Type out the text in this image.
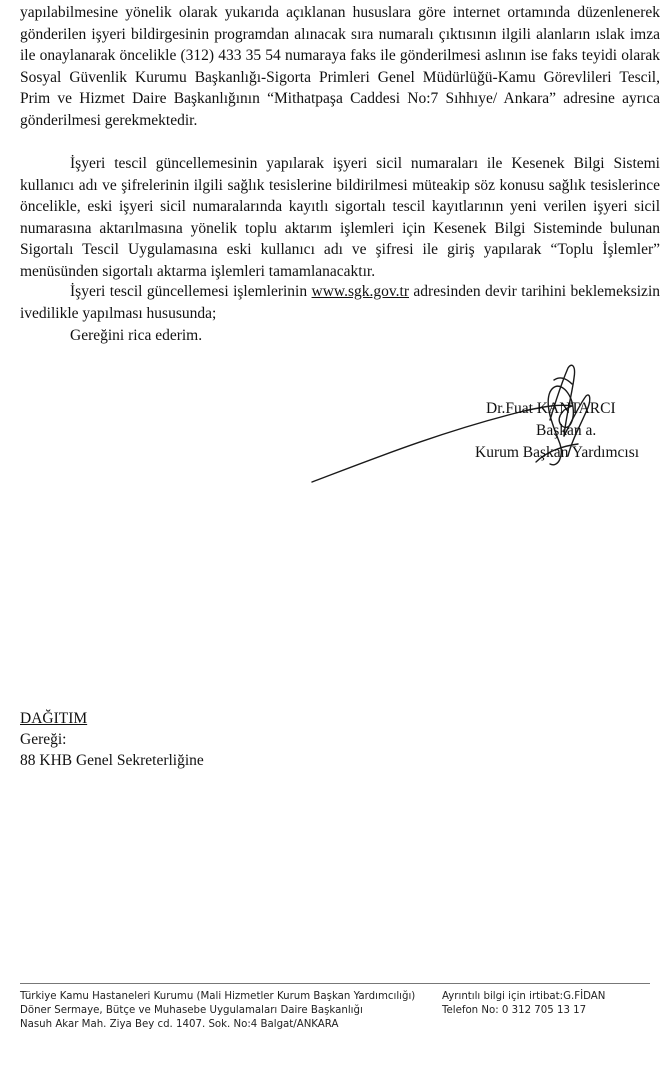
yapılabilmesine yönelik olarak yukarıda açıklanan hususlara göre internet ortamında düzenlenerek gönderilen işyeri bildirgesinin programdan alınacak sıra numaralı çıktısının ilgili alanların ıslak imza ile onaylanarak öncelikle (312) 433 35 54 numaraya faks ile gönderilmesi aslının ise faks teyidi olarak Sosyal Güvenlik Kurumu Başkanlığı-Sigorta Primleri Genel Müdürlüğü-Kamu Görevlileri Tescil, Prim ve Hizmet Daire Başkanlığının “Mithatpaşa Caddesi No:7 Sıhhıye/ Ankara” adresine ayrıca gönderilmesi gerekmektedir.

İşyeri tescil güncellemesinin yapılarak işyeri sicil numaraları ile Kesenek Bilgi Sistemi kullanıcı adı ve şifrelerinin ilgili sağlık tesislerine bildirilmesi müteakip söz konusu sağlık tesislerince öncelikle, eski işyeri sicil numaralarında kayıtlı sigortalı tescil kayıtlarının yeni verilen işyeri sicil numarasına aktarılmasına yönelik toplu aktarım işlemleri için Kesenek Bilgi Sisteminde bulunan Sigortalı Tescil Uygulamasına eski kullanıcı adı ve şifresi ile giriş yapılarak “Toplu İşlemler” menüsünden sigortalı aktarma işlemleri tamamlanacaktır.

İşyeri tescil güncellemesi işlemlerinin www.sgk.gov.tr adresinden devir tarihini beklemeksizin ivedilikle yapılması hususunda;

Gereğini rica ederim.

Dr.Fuat KANTARCI
Başkan a.
Kurum Başkan Yardımcısı
DAĞITIM
Gereği:
88 KHB Genel Sekreterliğine
Türkiye Kamu Hastaneleri Kurumu (Mali Hizmetler Kurum Başkan Yardımcılığı)
Döner Sermaye, Bütçe ve Muhasebe Uygulamaları Daire Başkanlığı
Nasuh Akar Mah. Ziya Bey cd. 1407. Sok. No:4 Balgat/ANKARA
Ayrıntılı bilgi için irtibat:G.FİDAN
Telefon No: 0 312 705 13 17
